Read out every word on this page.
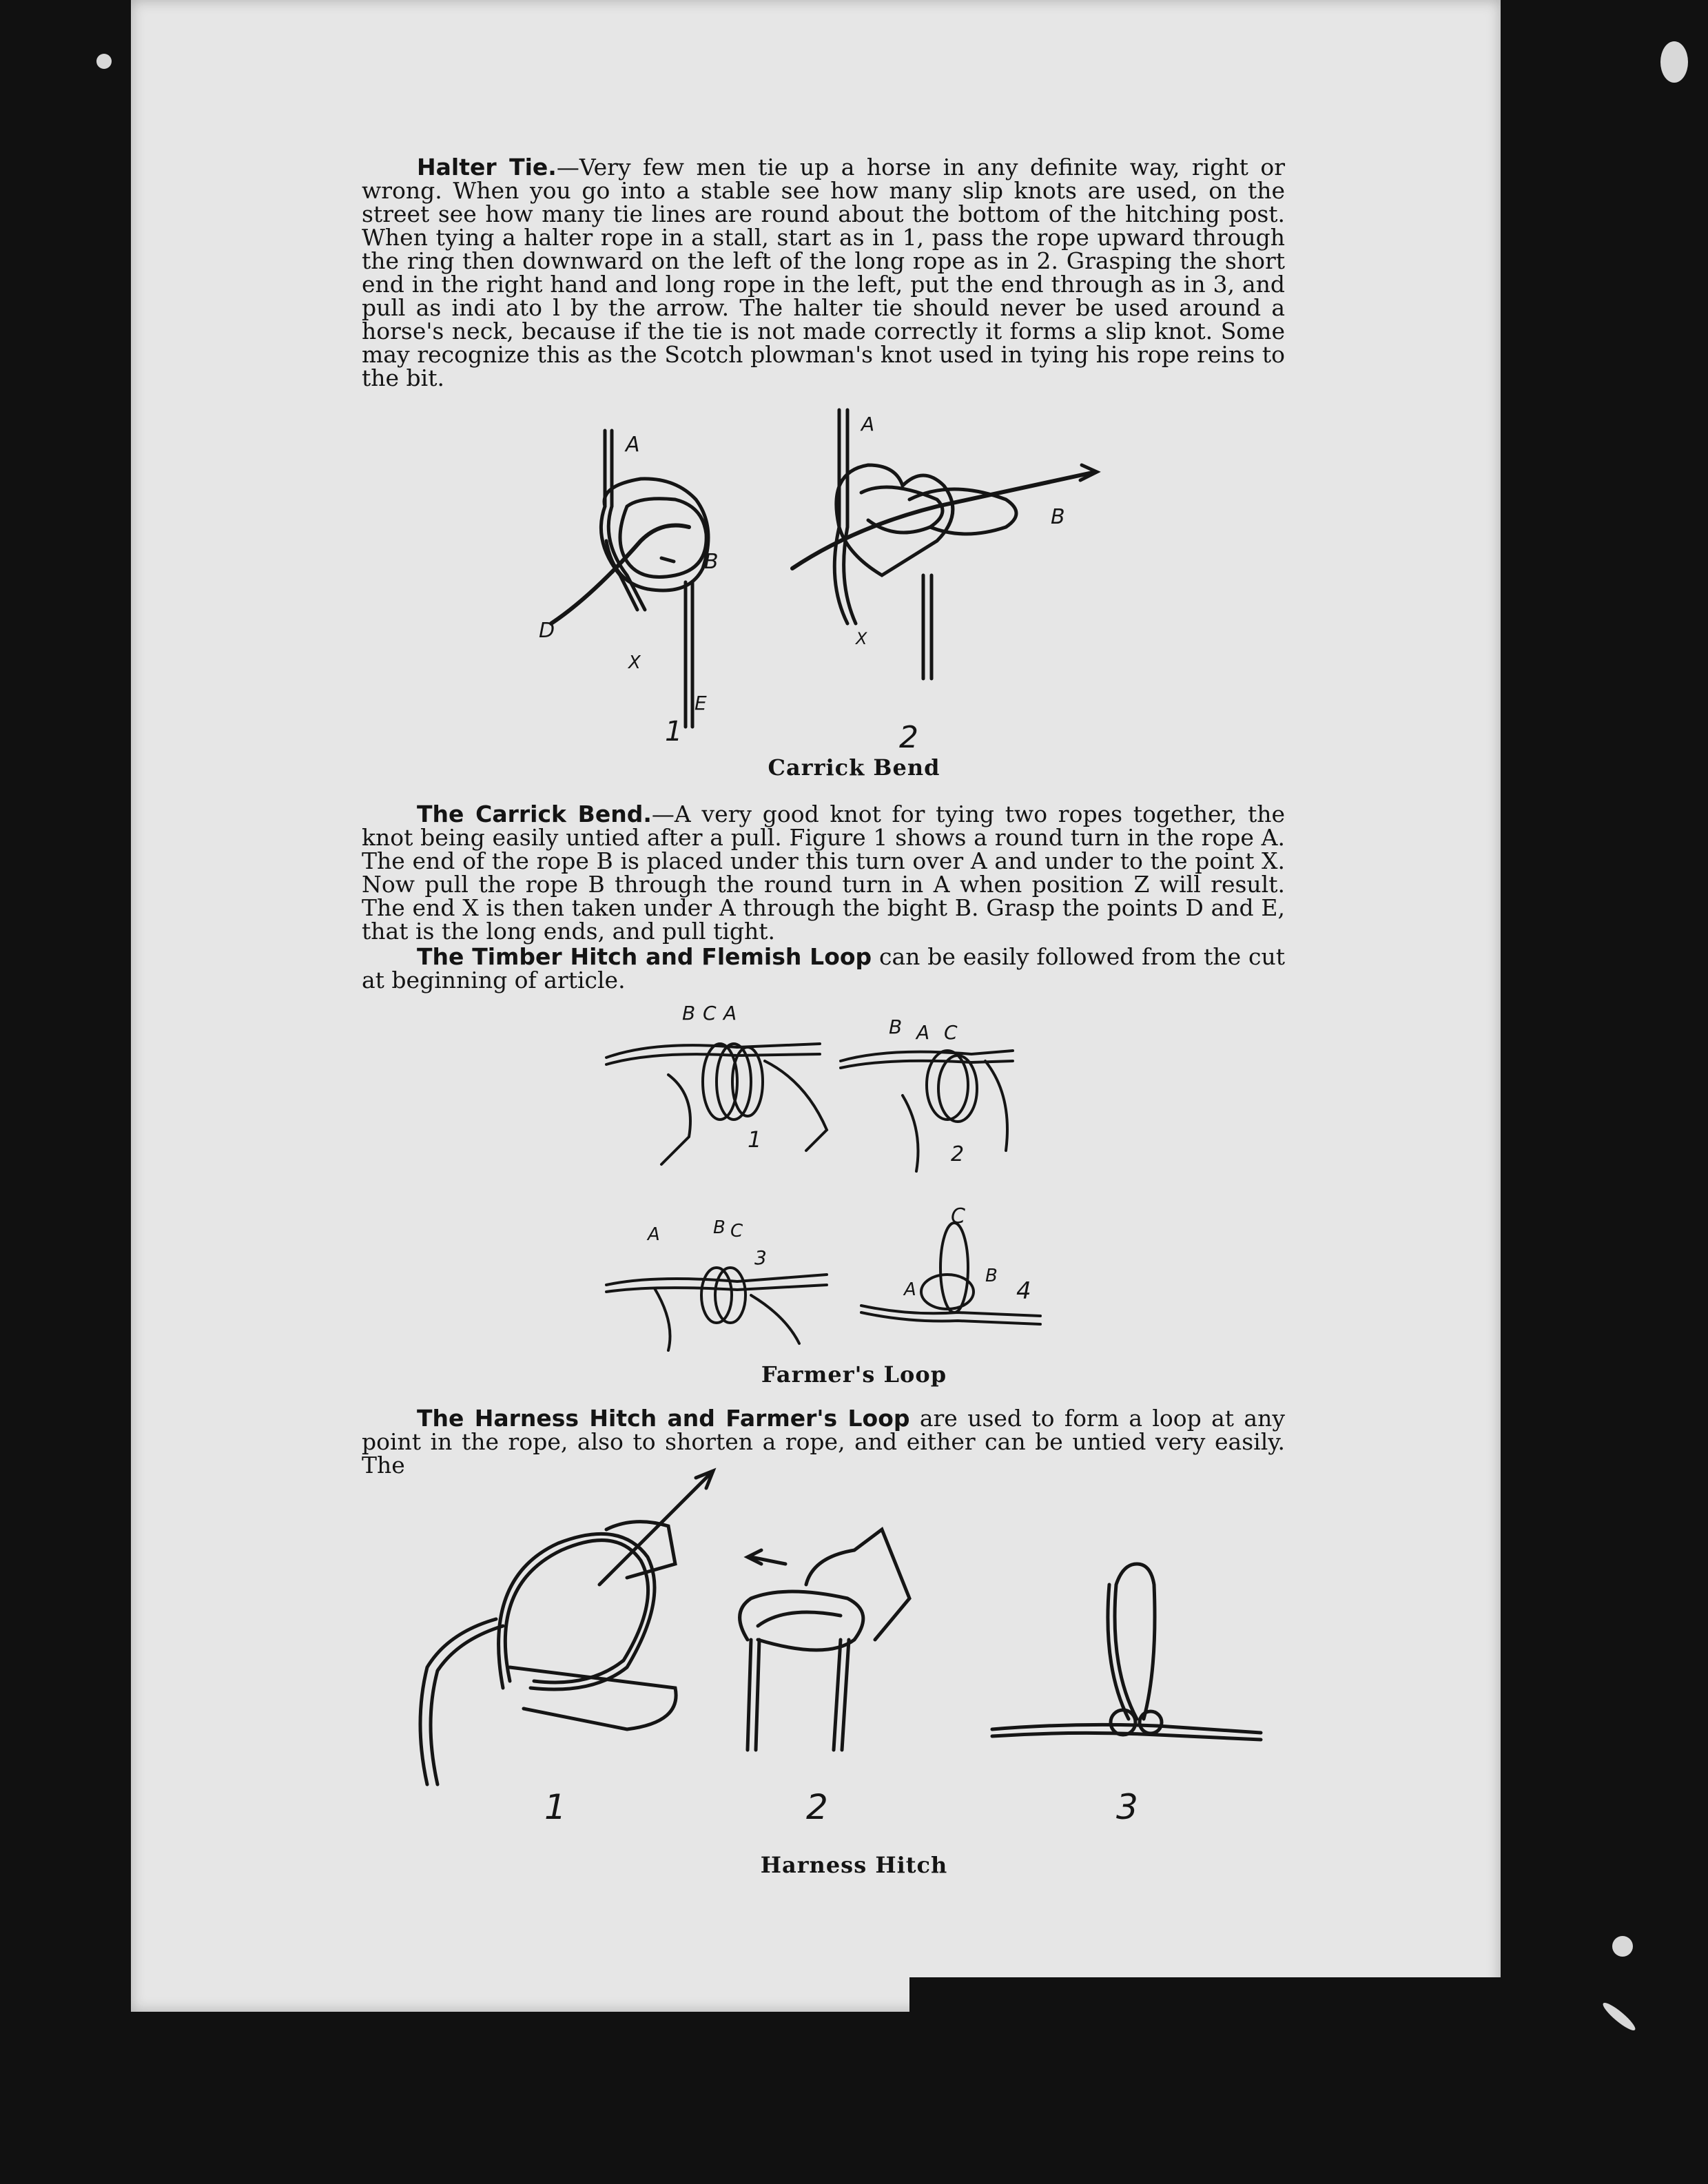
Halter Tie.—Very few men tie up a horse in any definite way, right or wrong. When you go into a stable see how many slip knots are used, on the street see how many tie lines are round about the bottom of the hitching post. When tying a halter rope in a stall, start as in 1, pass the rope upward through the ring then downward on the left of the long rope as in 2. Grasping the short end in the right hand and long rope in the left, put the end through as in 3, and pull as indi ato l by the arrow. The halter tie should never be used around a horse's neck, because if the tie is not made correctly it forms a slip knot. Some may recognize this as the Scotch plowman's knot used in tying his rope reins to the bit.

A
B
D
X
E
1
A
B
X
2
Carrick Bend

The Carrick Bend.—A very good knot for tying two ropes together, the knot being easily untied after a pull. Figure 1 shows a round turn in the rope A. The end of the rope B is placed under this turn over A and under to the point X. Now pull the rope B through the round turn in A when position Z will result. The end X is then taken under A through the bight B. Grasp the points D and E, that is the long ends, and pull tight.

The Timber Hitch and Flemish Loop can be easily followed from the cut at beginning of article.

B C A
1
B A C
2
A	B C
3
C
A
B
4
Farmer's Loop

The Harness Hitch and Farmer's Loop are used to form a loop at any point in the rope, also to shorten a rope, and either can be untied very easily. The

1	2	3
Harness Hitch
